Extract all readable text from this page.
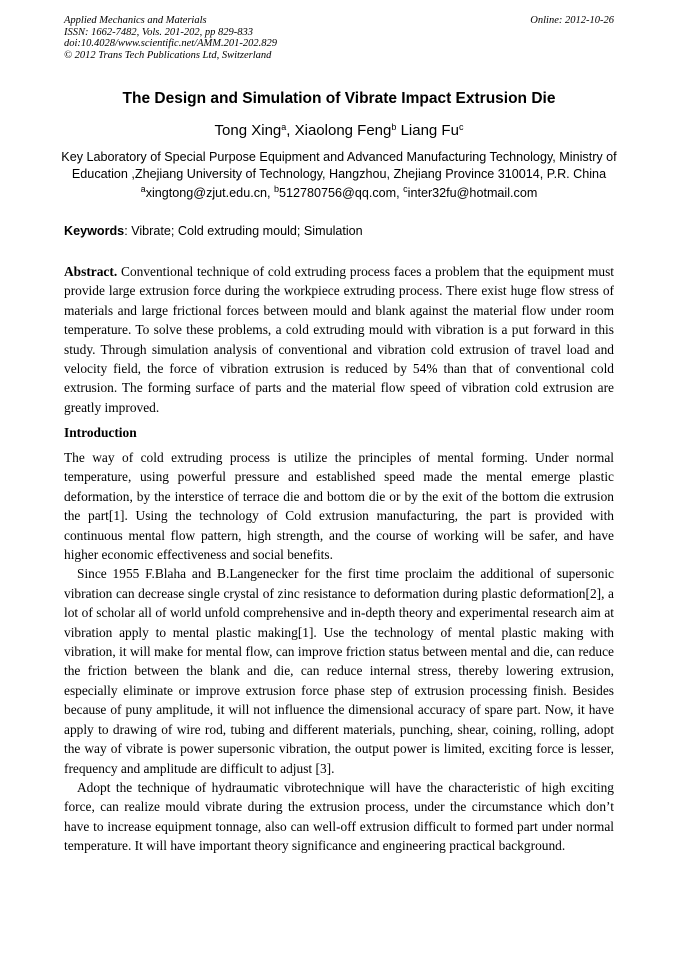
Applied Mechanics and Materials
ISSN: 1662-7482, Vols. 201-202, pp 829-833
doi:10.4028/www.scientific.net/AMM.201-202.829
© 2012 Trans Tech Publications Ltd, Switzerland
Online: 2012-10-26
The Design and Simulation of Vibrate Impact Extrusion Die
Tong Xing$^a$, Xiaolong Feng$^b$ Liang Fu$^c$
Key Laboratory of Special Purpose Equipment and Advanced Manufacturing Technology, Ministry of Education ,Zhejiang University of Technology, Hangzhou, Zhejiang Province 310014, P.R. China
$^a$xingtong@zjut.edu.cn, $^b$512780756@qq.com, $^c$inter32fu@hotmail.com
Keywords: Vibrate; Cold extruding mould; Simulation
Abstract. Conventional technique of cold extruding process faces a problem that the equipment must provide large extrusion force during the workpiece extruding process. There exist huge flow stress of materials and large frictional forces between mould and blank against the material flow under room temperature. To solve these problems, a cold extruding mould with vibration is a put forward in this study. Through simulation analysis of conventional and vibration cold extrusion of travel load and velocity field, the force of vibration extrusion is reduced by 54% than that of conventional cold extrusion. The forming surface of parts and the material flow speed of vibration cold extrusion are greatly improved.
Introduction

The way of cold extruding process is utilize the principles of mental forming. Under normal temperature, using powerful pressure and established speed made the mental emerge plastic deformation, by the interstice of terrace die and bottom die or by the exit of the bottom die extrusion the part[1]. Using the technology of Cold extrusion manufacturing, the part is provided with continuous mental flow pattern, high strength, and the course of working will be safer, and have higher economic effectiveness and social benefits.

Since 1955 F.Blaha and B.Langenecker for the first time proclaim the additional of supersonic vibration can decrease single crystal of zinc resistance to deformation during plastic deformation[2], a lot of scholar all of world unfold comprehensive and in-depth theory and experimental research aim at vibration apply to mental plastic making[1]. Use the technology of mental plastic making with vibration, it will make for mental flow, can improve friction status between mental and die, can reduce the friction between the blank and die, can reduce internal stress, thereby lowering extrusion, especially eliminate or improve extrusion force phase step of extrusion processing finish. Besides because of puny amplitude, it will not influence the dimensional accuracy of spare part. Now, it have apply to drawing of wire rod, tubing and different materials, punching, shear, coining, rolling, adopt the way of vibrate is power supersonic vibration, the output power is limited, exciting force is lesser, frequency and amplitude are difficult to adjust [3].

Adopt the technique of hydraumatic vibrotechnique will have the characteristic of high exciting force, can realize mould vibrate during the extrusion process, under the circumstance which don’t have to increase equipment tonnage, also can well-off extrusion difficult to formed part under normal temperature. It will have important theory significance and engineering practical background.
